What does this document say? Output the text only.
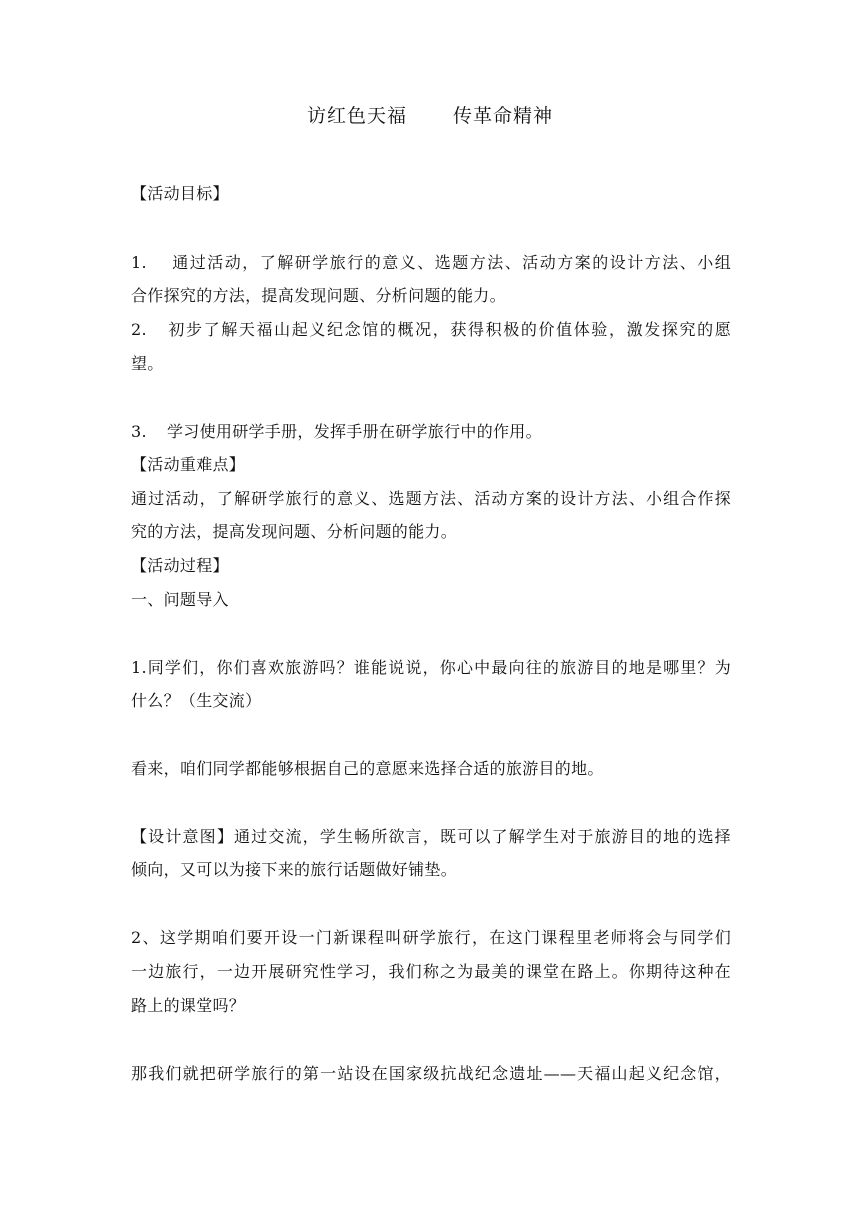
访红色天福 传革命精神
【活动目标】
1. 通过活动，了解研学旅行的意义、选题方法、活动方案的设计方法、小组
合作探究的方法，提高发现问题、分析问题的能力。
2. 初步了解天福山起义纪念馆的概况，获得积极的价值体验，激发探究的愿
望。
3. 学习使用研学手册，发挥手册在研学旅行中的作用。
【活动重难点】
通过活动，了解研学旅行的意义、选题方法、活动方案的设计方法、小组合作探
究的方法，提高发现问题、分析问题的能力。
【活动过程】
一、问题导入
1.同学们，你们喜欢旅游吗？谁能说说，你心中最向往的旅游目的地是哪里？为
什么？（生交流）
看来，咱们同学都能够根据自己的意愿来选择合适的旅游目的地。
【设计意图】通过交流，学生畅所欲言，既可以了解学生对于旅游目的地的选择
倾向，又可以为接下来的旅行话题做好铺垫。
2、这学期咱们要开设一门新课程叫研学旅行，在这门课程里老师将会与同学们
一边旅行，一边开展研究性学习，我们称之为最美的课堂在路上。你期待这种在
路上的课堂吗？
那我们就把研学旅行的第一站设在国家级抗战纪念遗址——天福山起义纪念馆，
